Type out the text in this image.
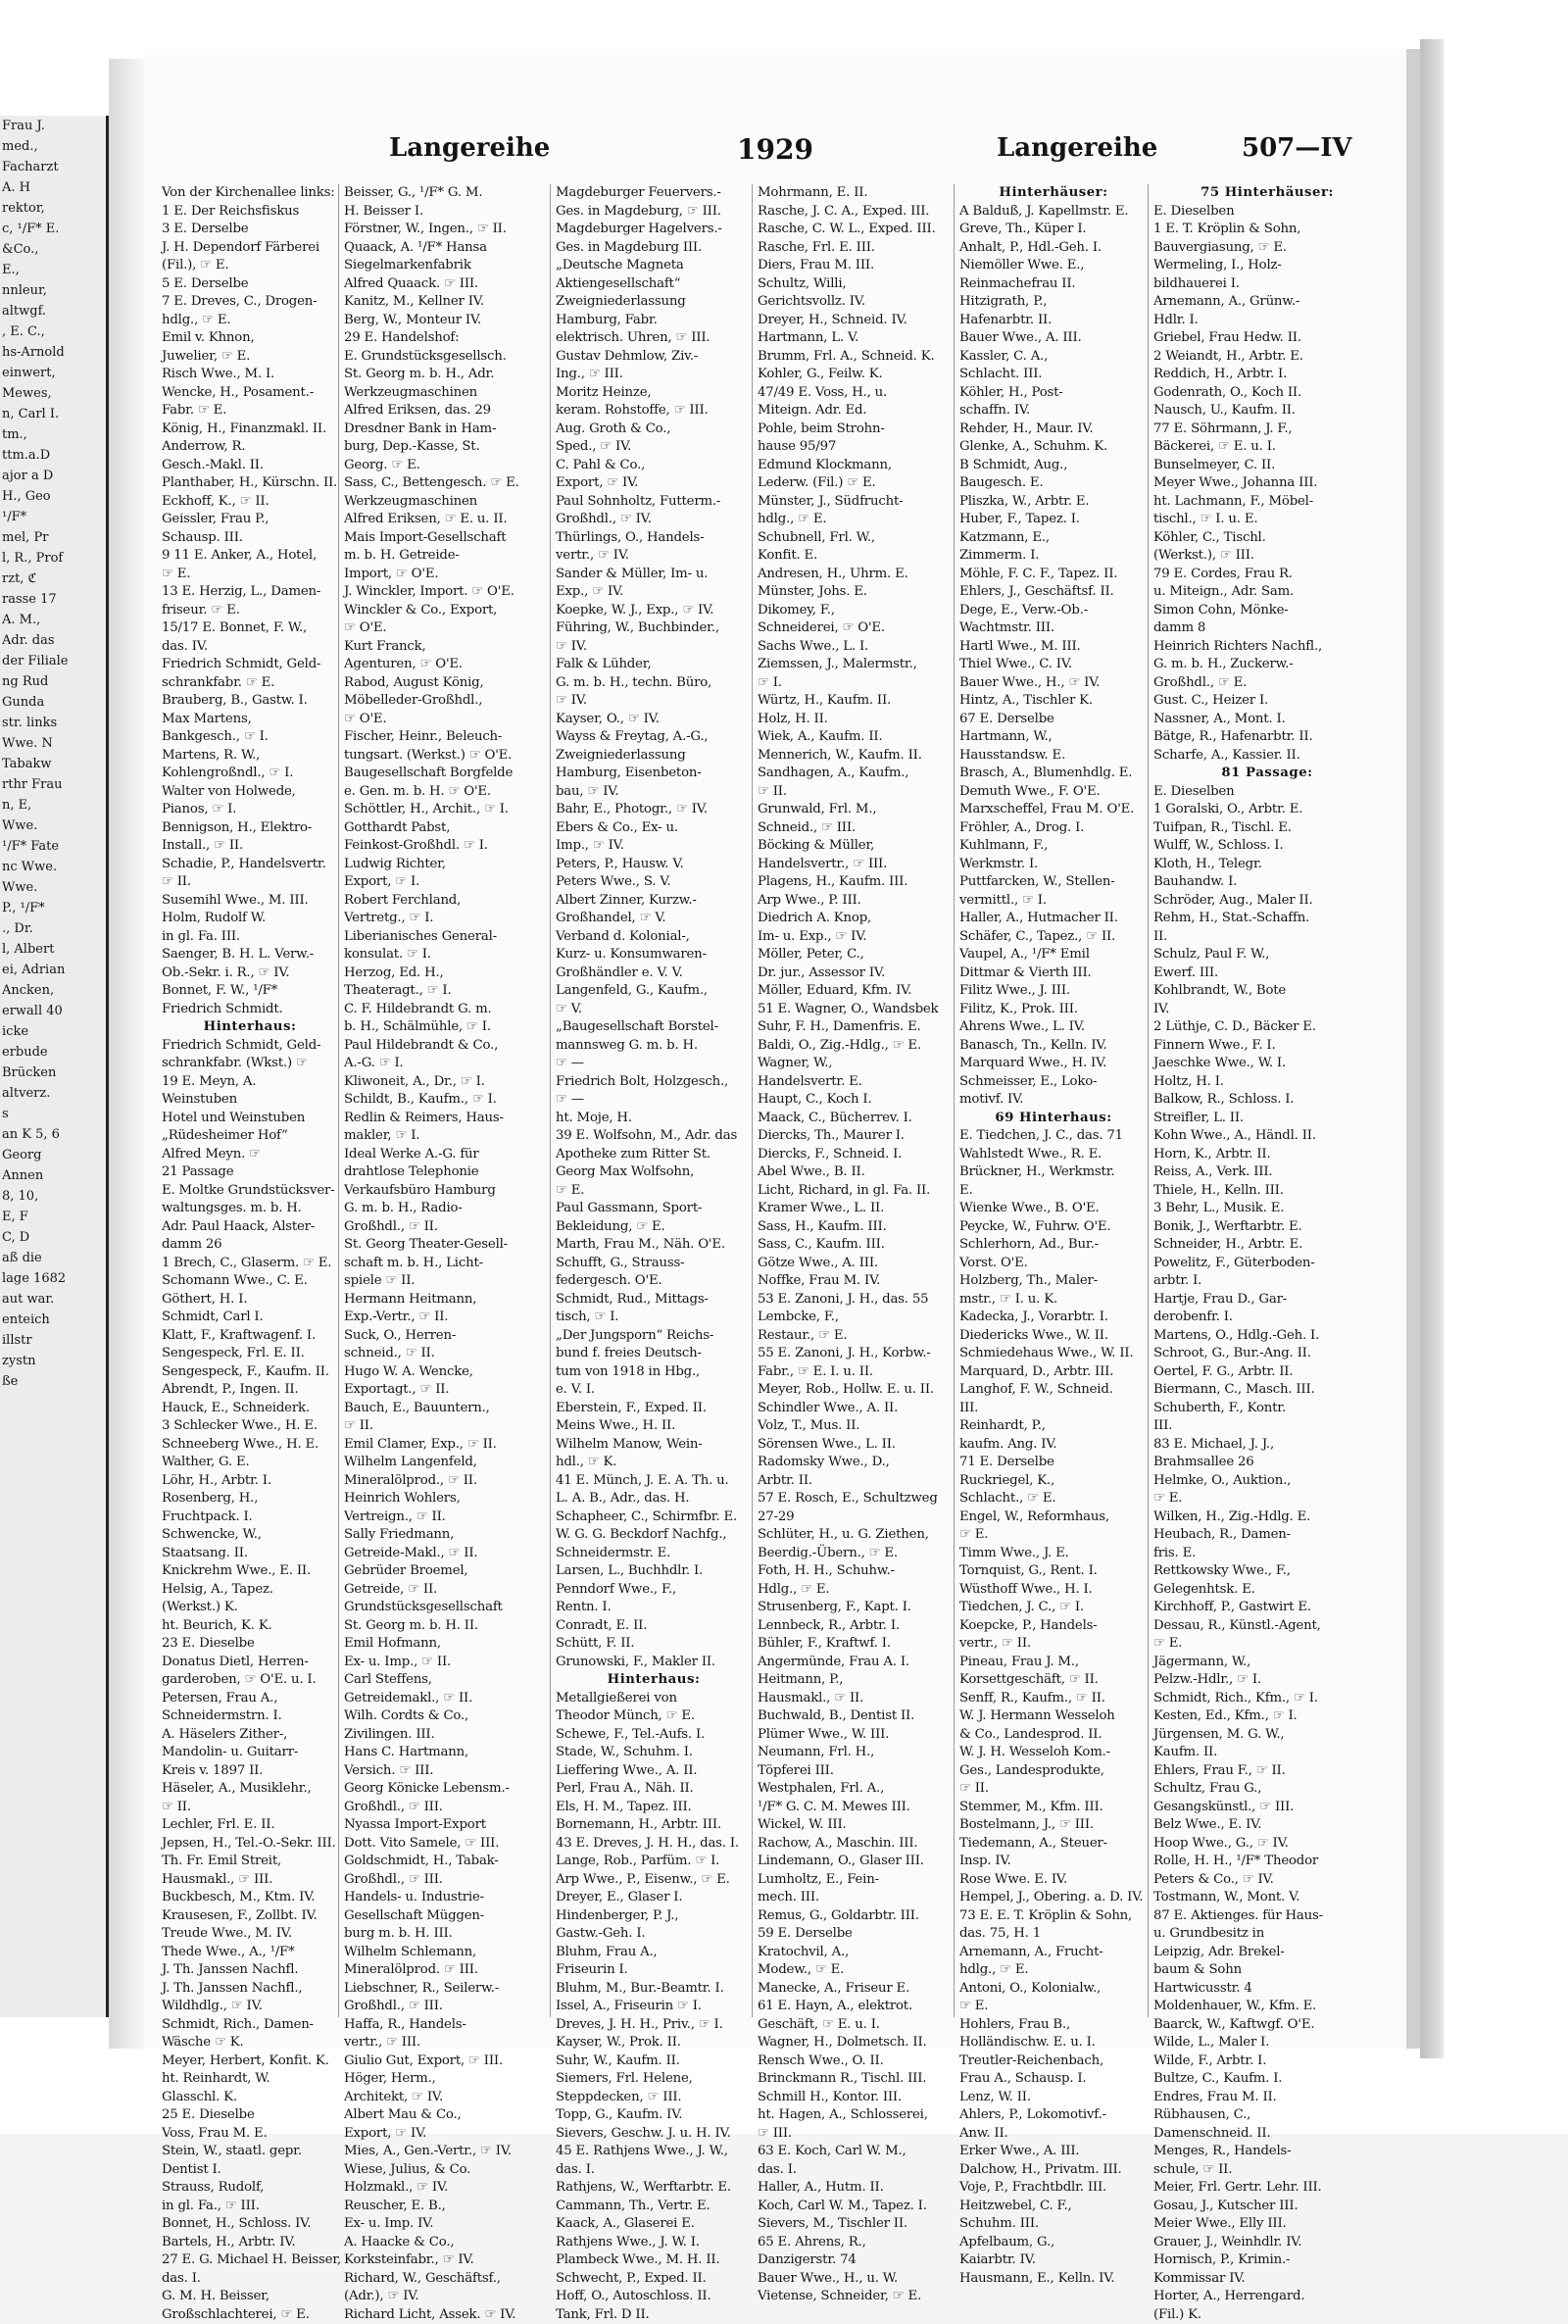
Frau J.
med.,
Facharzt
A. H
rektor,
c, ¹/F* E.
&Co.,
E.,
nnleur,
altwgf.
, E. C.,
hs-Arnold
einwert,
Mewes,
n, Carl I.
tm.,
ttm.a.D
ajor a D
H., Geo
¹/F*
mel, Pr
l, R., Prof
rzt, ℭ
rasse 17
A. M.,
Adr. das
der Filiale
ng Rud
Gunda
str. links
Wwe. N
Tabakw
rthr Frau
n, E,
Wwe.
¹/F* Fate
nc Wwe.
Wwe.
P., ¹/F*
., Dr.
l, Albert
ei, Adrian
Ancken,
erwall 40
icke
erbude
Brücken
altverz.
s
an K 5, 6
Georg
Annen
8, 10,
E, F
C, D
aß die
lage 1682
aut war.
enteich
illstr
zystn
ße
Langereihe	1929	Langereihe	507—IV
Von der Kirchenallee links:
1 E. Der Reichsfiskus
3 E. Derselbe
J. H. Dependorf Färberei
(Fil.), ☞ E.
5 E. Derselbe
7 E. Dreves, C., Drogen-
hdlg., ☞ E.
Emil v. Khnon,
Juwelier, ☞ E.
Risch Wwe., M. I.
Wencke, H., Posament.-
Fabr. ☞ E.
König, H., Finanzmakl. II.
Anderrow, R.
Gesch.-Makl. II.
Planthaber, H., Kürschn. II.
Eckhoff, K., ☞ II.
Geissler, Frau P.,
Schausp. III.
9 11 E. Anker, A., Hotel,
☞ E.
13 E. Herzig, L., Damen-
friseur. ☞ E.
15/17 E. Bonnet, F. W.,
das. IV.
Friedrich Schmidt, Geld-
schrankfabr. ☞ E.
Brauberg, B., Gastw. I.
Max Martens,
Bankgesch., ☞ I.
Martens, R. W.,
Kohlengroßndl., ☞ I.
Walter von Holwede,
Pianos, ☞ I.
Bennigson, H., Elektro-
Install., ☞ II.
Schadie, P., Handelsvertr.
☞ II.
Susemihl Wwe., M. III.
Holm, Rudolf W.
in gl. Fa. III.
Saenger, B. H. L. Verw.-
Ob.-Sekr. i. R., ☞ IV.
Bonnet, F. W., ¹/F*
Friedrich Schmidt.
Hinterhaus:
Friedrich Schmidt, Geld-
schrankfabr. (Wkst.) ☞
19 E. Meyn, A.
Weinstuben
Hotel und Weinstuben
„Rüdesheimer Hof“
Alfred Meyn. ☞
21 Passage
E. Moltke Grundstücksver-
waltungsges. m. b. H.
Adr. Paul Haack, Alster-
damm 26
1 Brech, C., Glaserm. ☞ E.
Schomann Wwe., C. E.
Göthert, H. I.
Schmidt, Carl I.
Klatt, F., Kraftwagenf. I.
Sengespeck, Frl. E. II.
Sengespeck, F., Kaufm. II.
Abrendt, P., Ingen. II.
Hauck, E., Schneiderk.
3 Schlecker Wwe., H. E.
Schneeberg Wwe., H. E.
Walther, G. E.
Löhr, H., Arbtr. I.
Rosenberg, H.,
Fruchtpack. I.
Schwencke, W.,
Staatsang. II.
Knickrehm Wwe., E. II.
Helsig, A., Tapez.
(Werkst.) K.
ht. Beurich, K. K.
23 E. Dieselbe
Donatus Dietl, Herren-
garderoben, ☞ O'E. u. I.
Petersen, Frau A.,
Schneidermstrn. I.
A. Häselers Zither-,
Mandolin- u. Guitarr-
Kreis v. 1897 II.
Häseler, A., Musiklehr.,
☞ II.
Lechler, Frl. E. II.
Jepsen, H., Tel.-O.-Sekr. III.
Th. Fr. Emil Streit,
Hausmakl., ☞ III.
Buckbesch, M., Ktm. IV.
Krausesen, F., Zollbt. IV.
Treude Wwe., M. IV.
Thede Wwe., A., ¹/F*
J. Th. Janssen Nachfl.
J. Th. Janssen Nachfl.,
Wildhdlg., ☞ IV.
Schmidt, Rich., Damen-
Wäsche ☞ K.
Meyer, Herbert, Konfit. K.
ht. Reinhardt, W.
Glasschl. K.
25 E. Dieselbe
Voss, Frau M. E.
Stein, W., staatl. gepr.
Dentist I.
Strauss, Rudolf,
in gl. Fa., ☞ III.
Bonnet, H., Schloss. IV.
Bartels, H., Arbtr. IV.
27 E. G. Michael H. Beisser,
das. I.
G. M. H. Beisser,
Großschlachterei, ☞ E.
Beisser, G., ¹/F* G. M.
H. Beisser I.
Förstner, W., Ingen., ☞ II.
Quaack, A. ¹/F* Hansa
Siegelmarkenfabrik
Alfred Quaack. ☞ III.
Kanitz, M., Kellner IV.
Berg, W., Monteur IV.
29 E. Handelshof:
E. Grundstücksgesellsch.
St. Georg m. b. H., Adr.
Werkzeugmaschinen
Alfred Eriksen, das. 29
Dresdner Bank in Ham-
burg, Dep.-Kasse, St.
Georg. ☞ E.
Sass, C., Bettengesch. ☞ E.
Werkzeugmaschinen
Alfred Eriksen, ☞ E. u. II.
Mais Import-Gesellschaft
m. b. H. Getreide-
Import, ☞ O'E.
J. Winckler, Import. ☞ O'E.
Winckler & Co., Export,
☞ O'E.
Kurt Franck,
Agenturen, ☞ O'E.
Rabod, August König,
Möbelleder-Großhdl.,
☞ O'E.
Fischer, Heinr., Beleuch-
tungsart. (Werkst.) ☞ O'E.
Baugesellschaft Borgfelde
e. Gen. m. b. H. ☞ O'E.
Schöttler, H., Archit., ☞ I.
Gotthardt Pabst,
Feinkost-Großhdl. ☞ I.
Ludwig Richter,
Export, ☞ I.
Robert Ferchland,
Vertretg., ☞ I.
Liberianisches General-
konsulat. ☞ I.
Herzog, Ed. H.,
Theateragt., ☞ I.
C. F. Hildebrandt G. m.
b. H., Schälmühle, ☞ I.
Paul Hildebrandt & Co.,
A.-G. ☞ I.
Kliwoneit, A., Dr., ☞ I.
Schildt, B., Kaufm., ☞ I.
Redlin & Reimers, Haus-
makler, ☞ I.
Ideal Werke A.-G. für
drahtlose Telephonie
Verkaufsbüro Hamburg
G. m. b. H., Radio-
Großhdl., ☞ II.
St. Georg Theater-Gesell-
schaft m. b. H., Licht-
spiele ☞ II.
Hermann Heitmann,
Exp.-Vertr., ☞ II.
Suck, O., Herren-
schneid., ☞ II.
Hugo W. A. Wencke,
Exportagt., ☞ II.
Bauch, E., Bauuntern.,
☞ II.
Emil Clamer, Exp., ☞ II.
Wilhelm Langenfeld,
Mineralölprod., ☞ II.
Heinrich Wohlers,
Vertreign., ☞ II.
Sally Friedmann,
Getreide-Makl., ☞ II.
Gebrüder Broemel,
Getreide, ☞ II.
Grundstücksgesellschaft
St. Georg m. b. H. II.
Emil Hofmann,
Ex- u. Imp., ☞ II.
Carl Steffens,
Getreidemakl., ☞ II.
Wilh. Cordts & Co.,
Zivilingen. III.
Hans C. Hartmann,
Versich. ☞ III.
Georg Könicke Lebensm.-
Großhdl., ☞ III.
Nyassa Import-Export
Dott. Vito Samele, ☞ III.
Goldschmidt, H., Tabak-
Großhdl., ☞ III.
Handels- u. Industrie-
Gesellschaft Müggen-
burg m. b. H. III.
Wilhelm Schlemann,
Mineralölprod. ☞ III.
Liebschner, R., Seilerw.-
Großhdl., ☞ III.
Haffa, R., Handels-
vertr., ☞ III.
Giulio Gut, Export, ☞ III.
Höger, Herm.,
Architekt, ☞ IV.
Albert Mau & Co.,
Export, ☞ IV.
Mies, A., Gen.-Vertr., ☞ IV.
Wiese, Julius, & Co.
Holzmakl., ☞ IV.
Reuscher, E. B.,
Ex- u. Imp. IV.
A. Haacke & Co.,
Korksteinfabr., ☞ IV.
Richard, W., Geschäftsf.,
(Adr.), ☞ IV.
Richard Licht, Assek. ☞ IV.
Magdeburger Feuervers.-
Ges. in Magdeburg, ☞ III.
Magdeburger Hagelvers.-
Ges. in Magdeburg III.
„Deutsche Magneta
Aktiengesellschaft“
Zweigniederlassung
Hamburg, Fabr.
elektrisch. Uhren, ☞ III.
Gustav Dehmlow, Ziv.-
Ing., ☞ III.
Moritz Heinze,
keram. Rohstoffe, ☞ III.
Aug. Groth & Co.,
Sped., ☞ IV.
C. Pahl & Co.,
Export, ☞ IV.
Paul Sohnholtz, Futterm.-
Großhdl., ☞ IV.
Thürlings, O., Handels-
vertr., ☞ IV.
Sander & Müller, Im- u.
Exp., ☞ IV.
Koepke, W. J., Exp., ☞ IV.
Führing, W., Buchbinder.,
☞ IV.
Falk & Lühder,
G. m. b. H., techn. Büro,
☞ IV.
Kayser, O., ☞ IV.
Wayss & Freytag, A.-G.,
Zweigniederlassung
Hamburg, Eisenbeton-
bau, ☞ IV.
Bahr, E., Photogr., ☞ IV.
Ebers & Co., Ex- u.
Imp., ☞ IV.
Peters, P., Hausw. V.
Peters Wwe., S. V.
Albert Zinner, Kurzw.-
Großhandel, ☞ V.
Verband d. Kolonial-,
Kurz- u. Konsumwaren-
Großhändler e. V. V.
Langenfeld, G., Kaufm.,
☞ V.
„Baugesellschaft Borstel-
mannsweg G. m. b. H.
☞ —
Friedrich Bolt, Holzgesch.,
☞ —
ht. Moje, H.
39 E. Wolfsohn, M., Adr. das
Apotheke zum Ritter St.
Georg Max Wolfsohn,
☞ E.
Paul Gassmann, Sport-
Bekleidung, ☞ E.
Marth, Frau M., Näh. O'E.
Schufft, G., Strauss-
federgesch. O'E.
Schmidt, Rud., Mittags-
tisch, ☞ I.
„Der Jungsporn“ Reichs-
bund f. freies Deutsch-
tum von 1918 in Hbg.,
e. V. I.
Eberstein, F., Exped. II.
Meins Wwe., H. II.
Wilhelm Manow, Wein-
hdl., ☞ K.
41 E. Münch, J. E. A. Th. u.
L. A. B., Adr., das. H.
Schapheer, C., Schirmfbr. E.
W. G. G. Beckdorf Nachfg.,
Schneidermstr. E.
Larsen, L., Buchhdlr. I.
Penndorf Wwe., F.,
Rentn. I.
Conradt, E. II.
Schütt, F. II.
Grunowski, F., Makler II.
Hinterhaus:
Metallgießerei von
Theodor Münch, ☞ E.
Schewe, F., Tel.-Aufs. I.
Stade, W., Schuhm. I.
Lieffering Wwe., A. II.
Perl, Frau A., Näh. II.
Els, H. M., Tapez. III.
Bornemann, H., Arbtr. III.
43 E. Dreves, J. H. H., das. I.
Lange, Rob., Parfüm. ☞ I.
Arp Wwe., P., Eisenw., ☞ E.
Dreyer, E., Glaser I.
Hindenberger, P. J.,
Gastw.-Geh. I.
Bluhm, Frau A.,
Friseurin I.
Bluhm, M., Bur.-Beamtr. I.
Issel, A., Friseurin ☞ I.
Dreves, J. H. H., Priv., ☞ I.
Kayser, W., Prok. II.
Suhr, W., Kaufm. II.
Siemers, Frl. Helene,
Steppdecken, ☞ III.
Topp, G., Kaufm. IV.
Sievers, Geschw. J. u. H. IV.
45 E. Rathjens Wwe., J. W.,
das. I.
Rathjens, W., Werftarbtr. E.
Cammann, Th., Vertr. E.
Kaack, A., Glaserei E.
Rathjens Wwe., J. W. I.
Plambeck Wwe., M. H. II.
Schwecht, P., Exped. II.
Hoff, O., Autoschloss. II.
Tank, Frl. D II.
Mohrmann, E. II.
Rasche, J. C. A., Exped. III.
Rasche, C. W. L., Exped. III.
Rasche, Frl. E. III.
Diers, Frau M. III.
Schultz, Willi,
Gerichtsvollz. IV.
Dreyer, H., Schneid. IV.
Hartmann, L. V.
Brumm, Frl. A., Schneid. K.
Kohler, G., Feilw. K.
47/49 E. Voss, H., u.
Miteign. Adr. Ed.
Pohle, beim Strohn-
hause 95/97
Edmund Klockmann,
Lederw. (Fil.) ☞ E.
Münster, J., Südfrucht-
hdlg., ☞ E.
Schubnell, Frl. W.,
Konfit. E.
Andresen, H., Uhrm. E.
Münster, Johs. E.
Dikomey, F.,
Schneiderei, ☞ O'E.
Sachs Wwe., L. I.
Ziemssen, J., Malermstr.,
☞ I.
Würtz, H., Kaufm. II.
Holz, H. II.
Wiek, A., Kaufm. II.
Mennerich, W., Kaufm. II.
Sandhagen, A., Kaufm.,
☞ II.
Grunwald, Frl. M.,
Schneid., ☞ III.
Böcking & Müller,
Handelsvertr., ☞ III.
Plagens, H., Kaufm. III.
Arp Wwe., P. III.
Diedrich A. Knop,
Im- u. Exp., ☞ IV.
Möller, Peter, C.,
Dr. jur., Assessor IV.
Möller, Eduard, Kfm. IV.
51 E. Wagner, O., Wandsbek
Suhr, F. H., Damenfris. E.
Baldi, O., Zig.-Hdlg., ☞ E.
Wagner, W.,
Handelsvertr. E.
Haupt, C., Koch I.
Maack, C., Bücherrev. I.
Diercks, Th., Maurer I.
Diercks, F., Schneid. I.
Abel Wwe., B. II.
Licht, Richard, in gl. Fa. II.
Kramer Wwe., L. II.
Sass, H., Kaufm. III.
Sass, C., Kaufm. III.
Götze Wwe., A. III.
Noffke, Frau M. IV.
53 E. Zanoni, J. H., das. 55
Lembcke, F.,
Restaur., ☞ E.
55 E. Zanoni, J. H., Korbw.-
Fabr., ☞ E. I. u. II.
Meyer, Rob., Hollw. E. u. II.
Schindler Wwe., A. II.
Volz, T., Mus. II.
Sörensen Wwe., L. II.
Radomsky Wwe., D.,
Arbtr. II.
57 E. Rosch, E., Schultzweg
27-29
Schlüter, H., u. G. Ziethen,
Beerdig.-Übern., ☞ E.
Foth, H. H., Schuhw.-
Hdlg., ☞ E.
Strusenberg, F., Kapt. I.
Lennbeck, R., Arbtr. I.
Bühler, F., Kraftwf. I.
Angermünde, Frau A. I.
Heitmann, P.,
Hausmakl., ☞ II.
Buchwald, B., Dentist II.
Plümer Wwe., W. III.
Neumann, Frl. H.,
Töpferei III.
Westphalen, Frl. A.,
¹/F* G. C. M. Mewes III.
Wickel, W. III.
Rachow, A., Maschin. III.
Lindemann, O., Glaser III.
Lumholtz, E., Fein-
mech. III.
Remus, G., Goldarbtr. III.
59 E. Derselbe
Kratochvil, A.,
Modew., ☞ E.
Manecke, A., Friseur E.
61 E. Hayn, A., elektrot.
Geschäft, ☞ E. u. I.
Wagner, H., Dolmetsch. II.
Rensch Wwe., O. II.
Brinckmann R., Tischl. III.
Schmill H., Kontor. III.
ht. Hagen, A., Schlosserei,
☞ III.
63 E. Koch, Carl W. M.,
das. I.
Haller, A., Hutm. II.
Koch, Carl W. M., Tapez. I.
Sievers, M., Tischler II.
65 E. Ahrens, R.,
Danzigerstr. 74
Bauer Wwe., H., u. W.
Vietense, Schneider, ☞ E.
Hinterhäuser:
A Balduß, J. Kapellmstr. E.
Greve, Th., Küper I.
Anhalt, P., Hdl.-Geh. I.
Niemöller Wwe. E.,
Reinmachefrau II.
Hitzigrath, P.,
Hafenarbtr. II.
Bauer Wwe., A. III.
Kassler, C. A.,
Schlacht. III.
Köhler, H., Post-
schaffn. IV.
Rehder, H., Maur. IV.
Glenke, A., Schuhm. K.
B Schmidt, Aug.,
Baugesch. E.
Pliszka, W., Arbtr. E.
Huber, F., Tapez. I.
Katzmann, E.,
Zimmerm. I.
Möhle, F. C. F., Tapez. II.
Ehlers, J., Geschäftsf. II.
Dege, E., Verw.-Ob.-
Wachtmstr. III.
Hartl Wwe., M. III.
Thiel Wwe., C. IV.
Bauer Wwe., H., ☞ IV.
Hintz, A., Tischler K.
67 E. Derselbe
Hartmann, W.,
Hausstandsw. E.
Brasch, A., Blumenhdlg. E.
Demuth Wwe., F. O'E.
Marxscheffel, Frau M. O'E.
Fröhler, A., Drog. I.
Kuhlmann, F.,
Werkmstr. I.
Puttfarcken, W., Stellen-
vermittl., ☞ I.
Haller, A., Hutmacher II.
Schäfer, C., Tapez., ☞ II.
Vaupel, A., ¹/F* Emil
Dittmar & Vierth III.
Filitz Wwe., J. III.
Filitz, K., Prok. III.
Ahrens Wwe., L. IV.
Banasch, Tn., Kelln. IV.
Marquard Wwe., H. IV.
Schmeisser, E., Loko-
motivf. IV.
69 Hinterhaus:
E. Tiedchen, J. C., das. 71
Wahlstedt Wwe., R. E.
Brückner, H., Werkmstr.
E.
Wienke Wwe., B. O'E.
Peycke, W., Fuhrw. O'E.
Schlerhorn, Ad., Bur.-
Vorst. O'E.
Holzberg, Th., Maler-
mstr., ☞ I. u. K.
Kadecka, J., Vorarbtr. I.
Diedericks Wwe., W. II.
Schmiedehaus Wwe., W. II.
Marquard, D., Arbtr. III.
Langhof, F. W., Schneid.
III.
Reinhardt, P.,
kaufm. Ang. IV.
71 E. Derselbe
Ruckriegel, K.,
Schlacht., ☞ E.
Engel, W., Reformhaus,
☞ E.
Timm Wwe., J. E.
Tornquist, G., Rent. I.
Wüsthoff Wwe., H. I.
Tiedchen, J. C., ☞ I.
Koepcke, P., Handels-
vertr., ☞ II.
Pineau, Frau J. M.,
Korsettgeschäft, ☞ II.
Senff, R., Kaufm., ☞ II.
W. J. Hermann Wesseloh
& Co., Landesprod. II.
W. J. H. Wesseloh Kom.-
Ges., Landesprodukte,
☞ II.
Stemmer, M., Kfm. III.
Bostelmann, J., ☞ III.
Tiedemann, A., Steuer-
Insp. IV.
Rose Wwe. E. IV.
Hempel, J., Obering. a. D. IV.
73 E. E. T. Kröplin & Sohn,
das. 75, H. 1
Arnemann, A., Frucht-
hdlg., ☞ E.
Antoni, O., Kolonialw.,
☞ E.
Hohlers, Frau B.,
Holländischw. E. u. I.
Treutler-Reichenbach,
Frau A., Schausp. I.
Lenz, W. II.
Ahlers, P., Lokomotivf.-
Anw. II.
Erker Wwe., A. III.
Dalchow, H., Privatm. III.
Voje, P., Frachtbdlr. III.
Heitzwebel, C. F.,
Schuhm. III.
Apfelbaum, G.,
Kaiarbtr. IV.
Hausmann, E., Kelln. IV.
75 Hinterhäuser:
E. Dieselben
1 E. T. Kröplin & Sohn,
Bauvergiasung, ☞ E.
Wermeling, I., Holz-
bildhauerei I.
Arnemann, A., Grünw.-
Hdlr. I.
Griebel, Frau Hedw. II.
2 Weiandt, H., Arbtr. E.
Reddich, H., Arbtr. I.
Godenrath, O., Koch II.
Nausch, U., Kaufm. II.
77 E. Söhrmann, J. F.,
Bäckerei, ☞ E. u. I.
Bunselmeyer, C. II.
Meyer Wwe., Johanna III.
ht. Lachmann, F., Möbel-
tischl., ☞ I. u. E.
Köhler, C., Tischl.
(Werkst.), ☞ III.
79 E. Cordes, Frau R.
u. Miteign., Adr. Sam.
Simon Cohn, Mönke-
damm 8
Heinrich Richters Nachfl.,
G. m. b. H., Zuckerw.-
Großhdl., ☞ E.
Gust. C., Heizer I.
Nassner, A., Mont. I.
Bätge, R., Hafenarbtr. II.
Scharfe, A., Kassier. II.
81 Passage:
E. Dieselben
1 Goralski, O., Arbtr. E.
Tuifpan, R., Tischl. E.
Wulff, W., Schloss. I.
Kloth, H., Telegr.
Bauhandw. I.
Schröder, Aug., Maler II.
Rehm, H., Stat.-Schaffn.
II.
Schulz, Paul F. W.,
Ewerf. III.
Kohlbrandt, W., Bote
IV.
2 Lüthje, C. D., Bäcker E.
Finnern Wwe., F. I.
Jaeschke Wwe., W. I.
Holtz, H. I.
Balkow, R., Schloss. I.
Streifler, L. II.
Kohn Wwe., A., Händl. II.
Horn, K., Arbtr. II.
Reiss, A., Verk. III.
Thiele, H., Kelln. III.
3 Behr, L., Musik. E.
Bonik, J., Werftarbtr. E.
Schneider, H., Arbtr. E.
Powelitz, F., Güterboden-
arbtr. I.
Hartje, Frau D., Gar-
derobenfr. I.
Martens, O., Hdlg.-Geh. I.
Schroot, G., Bur.-Ang. II.
Oertel, F. G., Arbtr. II.
Biermann, C., Masch. III.
Schuberth, F., Kontr.
III.
83 E. Michael, J. J.,
Brahmsallee 26
Helmke, O., Auktion.,
☞ E.
Wilken, H., Zig.-Hdlg. E.
Heubach, R., Damen-
fris. E.
Rettkowsky Wwe., F.,
Gelegenhtsk. E.
Kirchhoff, P., Gastwirt E.
Dessau, R., Künstl.-Agent,
☞ E.
Jägermann, W.,
Pelzw.-Hdlr., ☞ I.
Schmidt, Rich., Kfm., ☞ I.
Kesten, Ed., Kfm., ☞ I.
Jürgensen, M. G. W.,
Kaufm. II.
Ehlers, Frau F., ☞ II.
Schultz, Frau G.,
Gesangskünstl., ☞ III.
Belz Wwe., E. IV.
Hoop Wwe., G., ☞ IV.
Rolle, H. H., ¹/F* Theodor
Peters & Co., ☞ IV.
Tostmann, W., Mont. V.
87 E. Aktienges. für Haus-
u. Grundbesitz in
Leipzig, Adr. Brekel-
baum & Sohn
Hartwicusstr. 4
Moldenhauer, W., Kfm. E.
Baarck, W., Kaftwgf. O'E.
Wilde, L., Maler I.
Wilde, F., Arbtr. I.
Bultze, C., Kaufm. I.
Endres, Frau M. II.
Rübhausen, C.,
Damenschneid. II.
Menges, R., Handels-
schule, ☞ II.
Meier, Frl. Gertr. Lehr. III.
Gosau, J., Kutscher III.
Meier Wwe., Elly III.
Grauer, J., Weinhdlr. IV.
Hornisch, P., Krimin.-
Kommissar IV.
Horter, A., Herrengard.
(Fil.) K.
